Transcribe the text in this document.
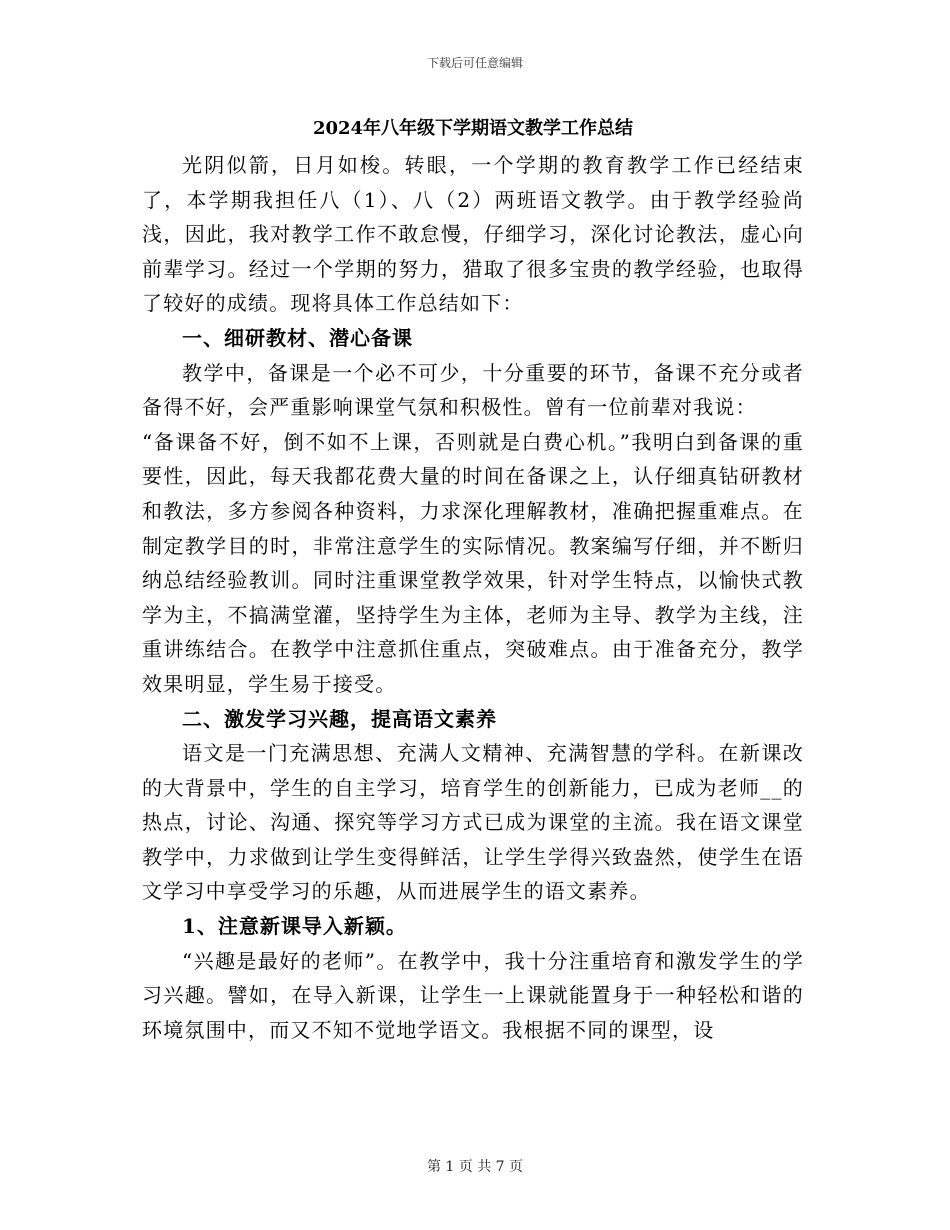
下载后可任意编辑
2024年八年级下学期语文教学工作总结

光阴似箭，日月如梭。转眼，一个学期的教育教学工作已经结束了，本学期我担任八（1）、八（2）两班语文教学。由于教学经验尚浅，因此，我对教学工作不敢怠慢，仔细学习，深化讨论教法，虚心向前辈学习。经过一个学期的努力，猎取了很多宝贵的教学经验，也取得了较好的成绩。现将具体工作总结如下：

一、细研教材、潜心备课

教学中，备课是一个必不可少，十分重要的环节，备课不充分或者备得不好，会严重影响课堂气氛和积极性。曾有一位前辈对我说：

“备课备不好，倒不如不上课，否则就是白费心机。”我明白到备课的重要性，因此，每天我都花费大量的时间在备课之上，认仔细真钻研教材和教法，多方参阅各种资料，力求深化理解教材，准确把握重难点。在制定教学目的时，非常注意学生的实际情况。教案编写仔细，并不断归纳总结经验教训。同时注重课堂教学效果，针对学生特点，以愉快式教学为主，不搞满堂灌，坚持学生为主体，老师为主导、教学为主线，注重讲练结合。在教学中注意抓住重点，突破难点。由于准备充分，教学效果明显，学生易于接受。

二、激发学习兴趣，提高语文素养

语文是一门充满思想、充满人文精神、充满智慧的学科。在新课改的大背景中，学生的自主学习，培育学生的创新能力，已成为老师__的热点，讨论、沟通、探究等学习方式已成为课堂的主流。我在语文课堂教学中，力求做到让学生变得鲜活，让学生学得兴致盎然，使学生在语文学习中享受学习的乐趣，从而进展学生的语文素养。

1、注意新课导入新颖。

“兴趣是最好的老师”。在教学中，我十分注重培育和激发学生的学习兴趣。譬如，在导入新课，让学生一上课就能置身于一种轻松和谐的环境氛围中，而又不知不觉地学语文。我根据不同的课型，设

第 1 页 共 7 页
